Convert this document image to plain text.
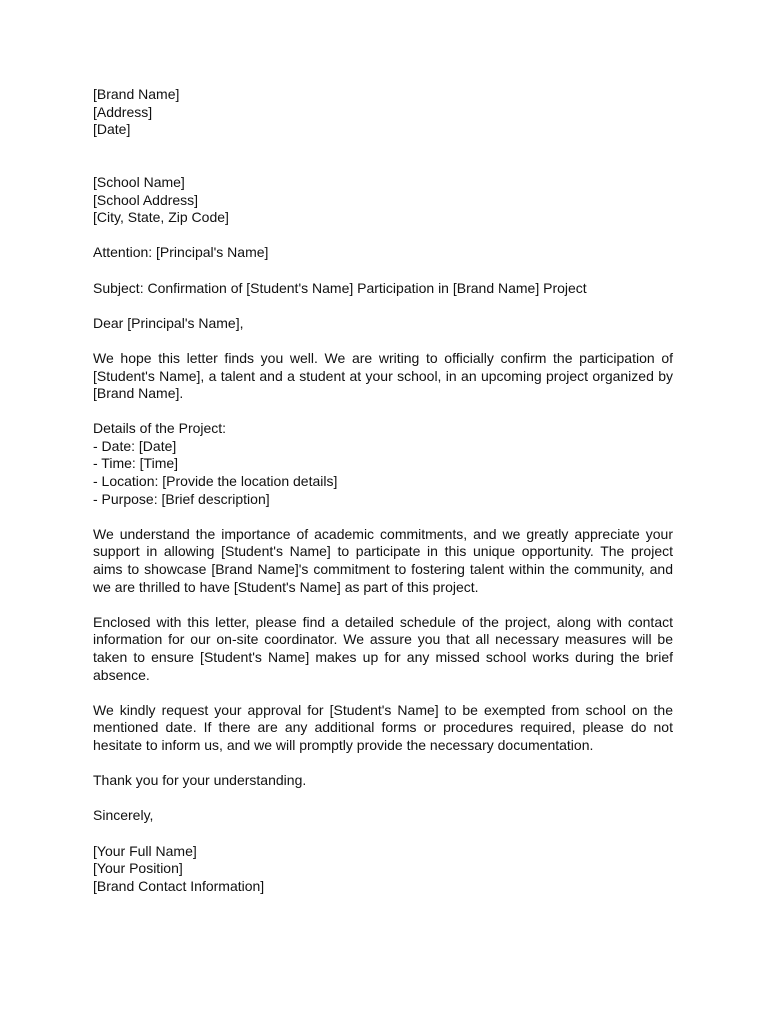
[Brand Name]
[Address]
[Date]
[School Name]
[School Address]
[City, State, Zip Code]
Attention: [Principal's Name]
Subject: Confirmation of [Student's Name] Participation in [Brand Name] Project
Dear [Principal's Name],

We hope this letter finds you well. We are writing to officially confirm the participation of [Student's Name], a talent and a student at your school, in an upcoming project organized by [Brand Name].

Details of the Project:
- Date: [Date]
- Time: [Time]
- Location: [Provide the location details]
- Purpose: [Brief description]

We understand the importance of academic commitments, and we greatly appreciate your support in allowing [Student's Name] to participate in this unique opportunity. The project aims to showcase [Brand Name]'s commitment to fostering talent within the community, and we are thrilled to have [Student's Name] as part of this project.

Enclosed with this letter, please find a detailed schedule of the project, along with contact information for our on-site coordinator. We assure you that all necessary measures will be taken to ensure [Student's Name] makes up for any missed school works during the brief absence.

We kindly request your approval for [Student's Name] to be exempted from school on the mentioned date. If there are any additional forms or procedures required, please do not hesitate to inform us, and we will promptly provide the necessary documentation.

Thank you for your understanding.
Sincerely,
[Your Full Name]
[Your Position]
[Brand Contact Information]
